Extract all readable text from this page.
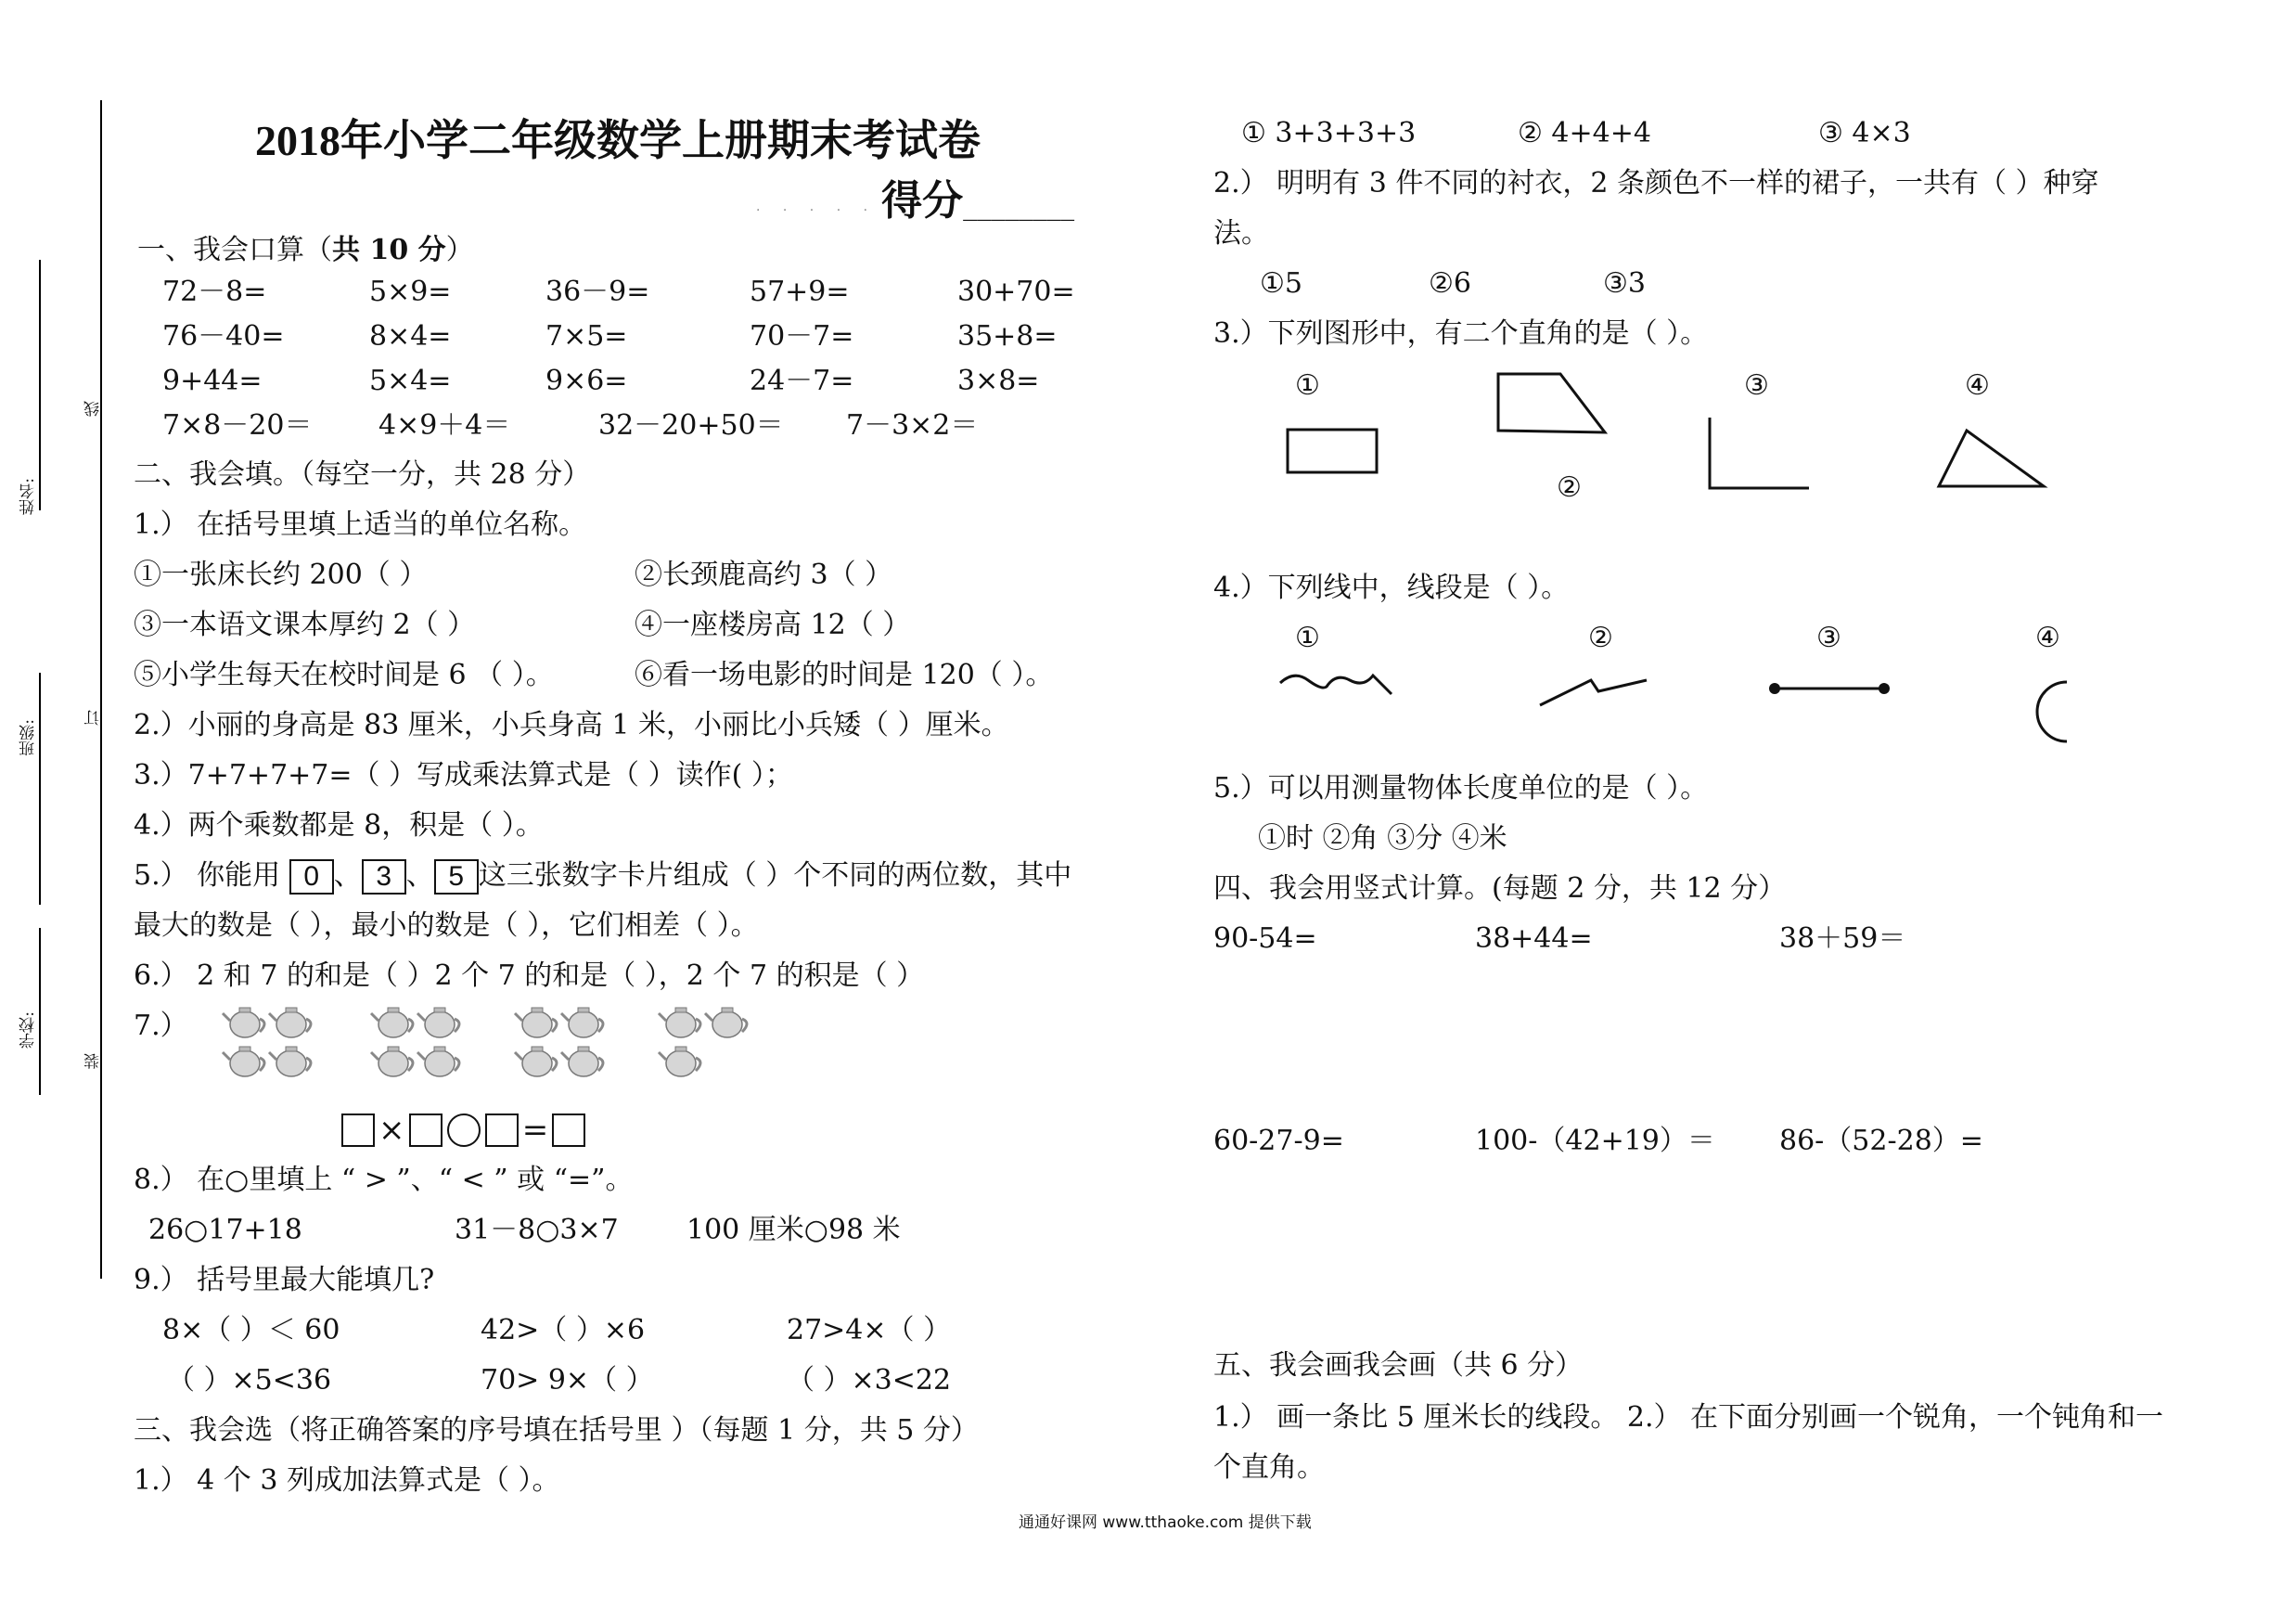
姓名:
班级:
学校:
线
订
装
2018年小学二年级数学上册期末考试卷
· · · · · 得分________
一、我会口算（共 10 分）
72－8=	5×9=	36－9=	57+9=	30+70=
76－40=	8×4=	7×5=	70－7=	35+8=
9+44=	5×4=	9×6=	24－7=	3×8=
7×8－20＝ 4×9＋4＝	32－20+50＝ 7－3×2＝
二、我会填。（每空一分，共 28 分）
1.） 在括号里填上适当的单位名称。
①一张床长约 200（ ）	②长颈鹿高约 3（ ）
③一本语文课本厚约 2（ ）	④一座楼房高 12（ ）
⑤小学生每天在校时间是 6 （ ）。	⑥看一场电影的时间是 120（ ）。
2.）小丽的身高是 83 厘米，小兵身高 1 米，小丽比小兵矮（ ）厘米。
3.）7+7+7+7=（ ）写成乘法算式是（ ）读作( ）；
4.）两个乘数都是 8，积是（ ）。
5.） 你能用 0 、 3 、 5 这三张数字卡片组成（ ）个不同的两位数，其中
最大的数是（ ），最小的数是（ ），它们相差（ ）。
6.） 2 和 7 的和是（ ）2 个 7 的和是（ ），2 个 7 的积是（ ）
7.）
×	=
8.） 在○里填上 “ > ”、“ < ” 或 “=”。
26○17+18	31－8○3×7 100 厘米○98 米
9.） 括号里最大能填几?
8×（ ）＜ 60	42>（ ）×6	27>4×（ ）
（ ）×5<36	70> 9×（ ）	（ ）×3<22
三、我会选（将正确答案的序号填在括号里 ）（每题 1 分，共 5 分）
1.） 4 个 3 列成加法算式是（ ）。
① 3+3+3+3	② 4+4+4	③ 4×3
2.） 明明有 3 件不同的衬衣，2 条颜色不一样的裙子，一共有（ ）种穿
法。
①5	②6	③3
3.）下列图形中，有二个直角的是（ ）。
①
②
③	④
4.）下列线中，线段是（ ）。
①	②	③	④
5.）可以用测量物体长度单位的是（ ）。
①时 ②角 ③分 ④米
四、我会用竖式计算。(每题 2 分，共 12 分）
90-54=	38+44=	38＋59＝
60-27-9=	100-（42+19）＝ 86-（52-28）=
五、我会画我会画（共 6 分）
1.） 画一条比 5 厘米长的线段。 2.） 在下面分别画一个锐角，一个钝角和一
个直角。
通通好课网 www.tthaoke.com 提供下载
